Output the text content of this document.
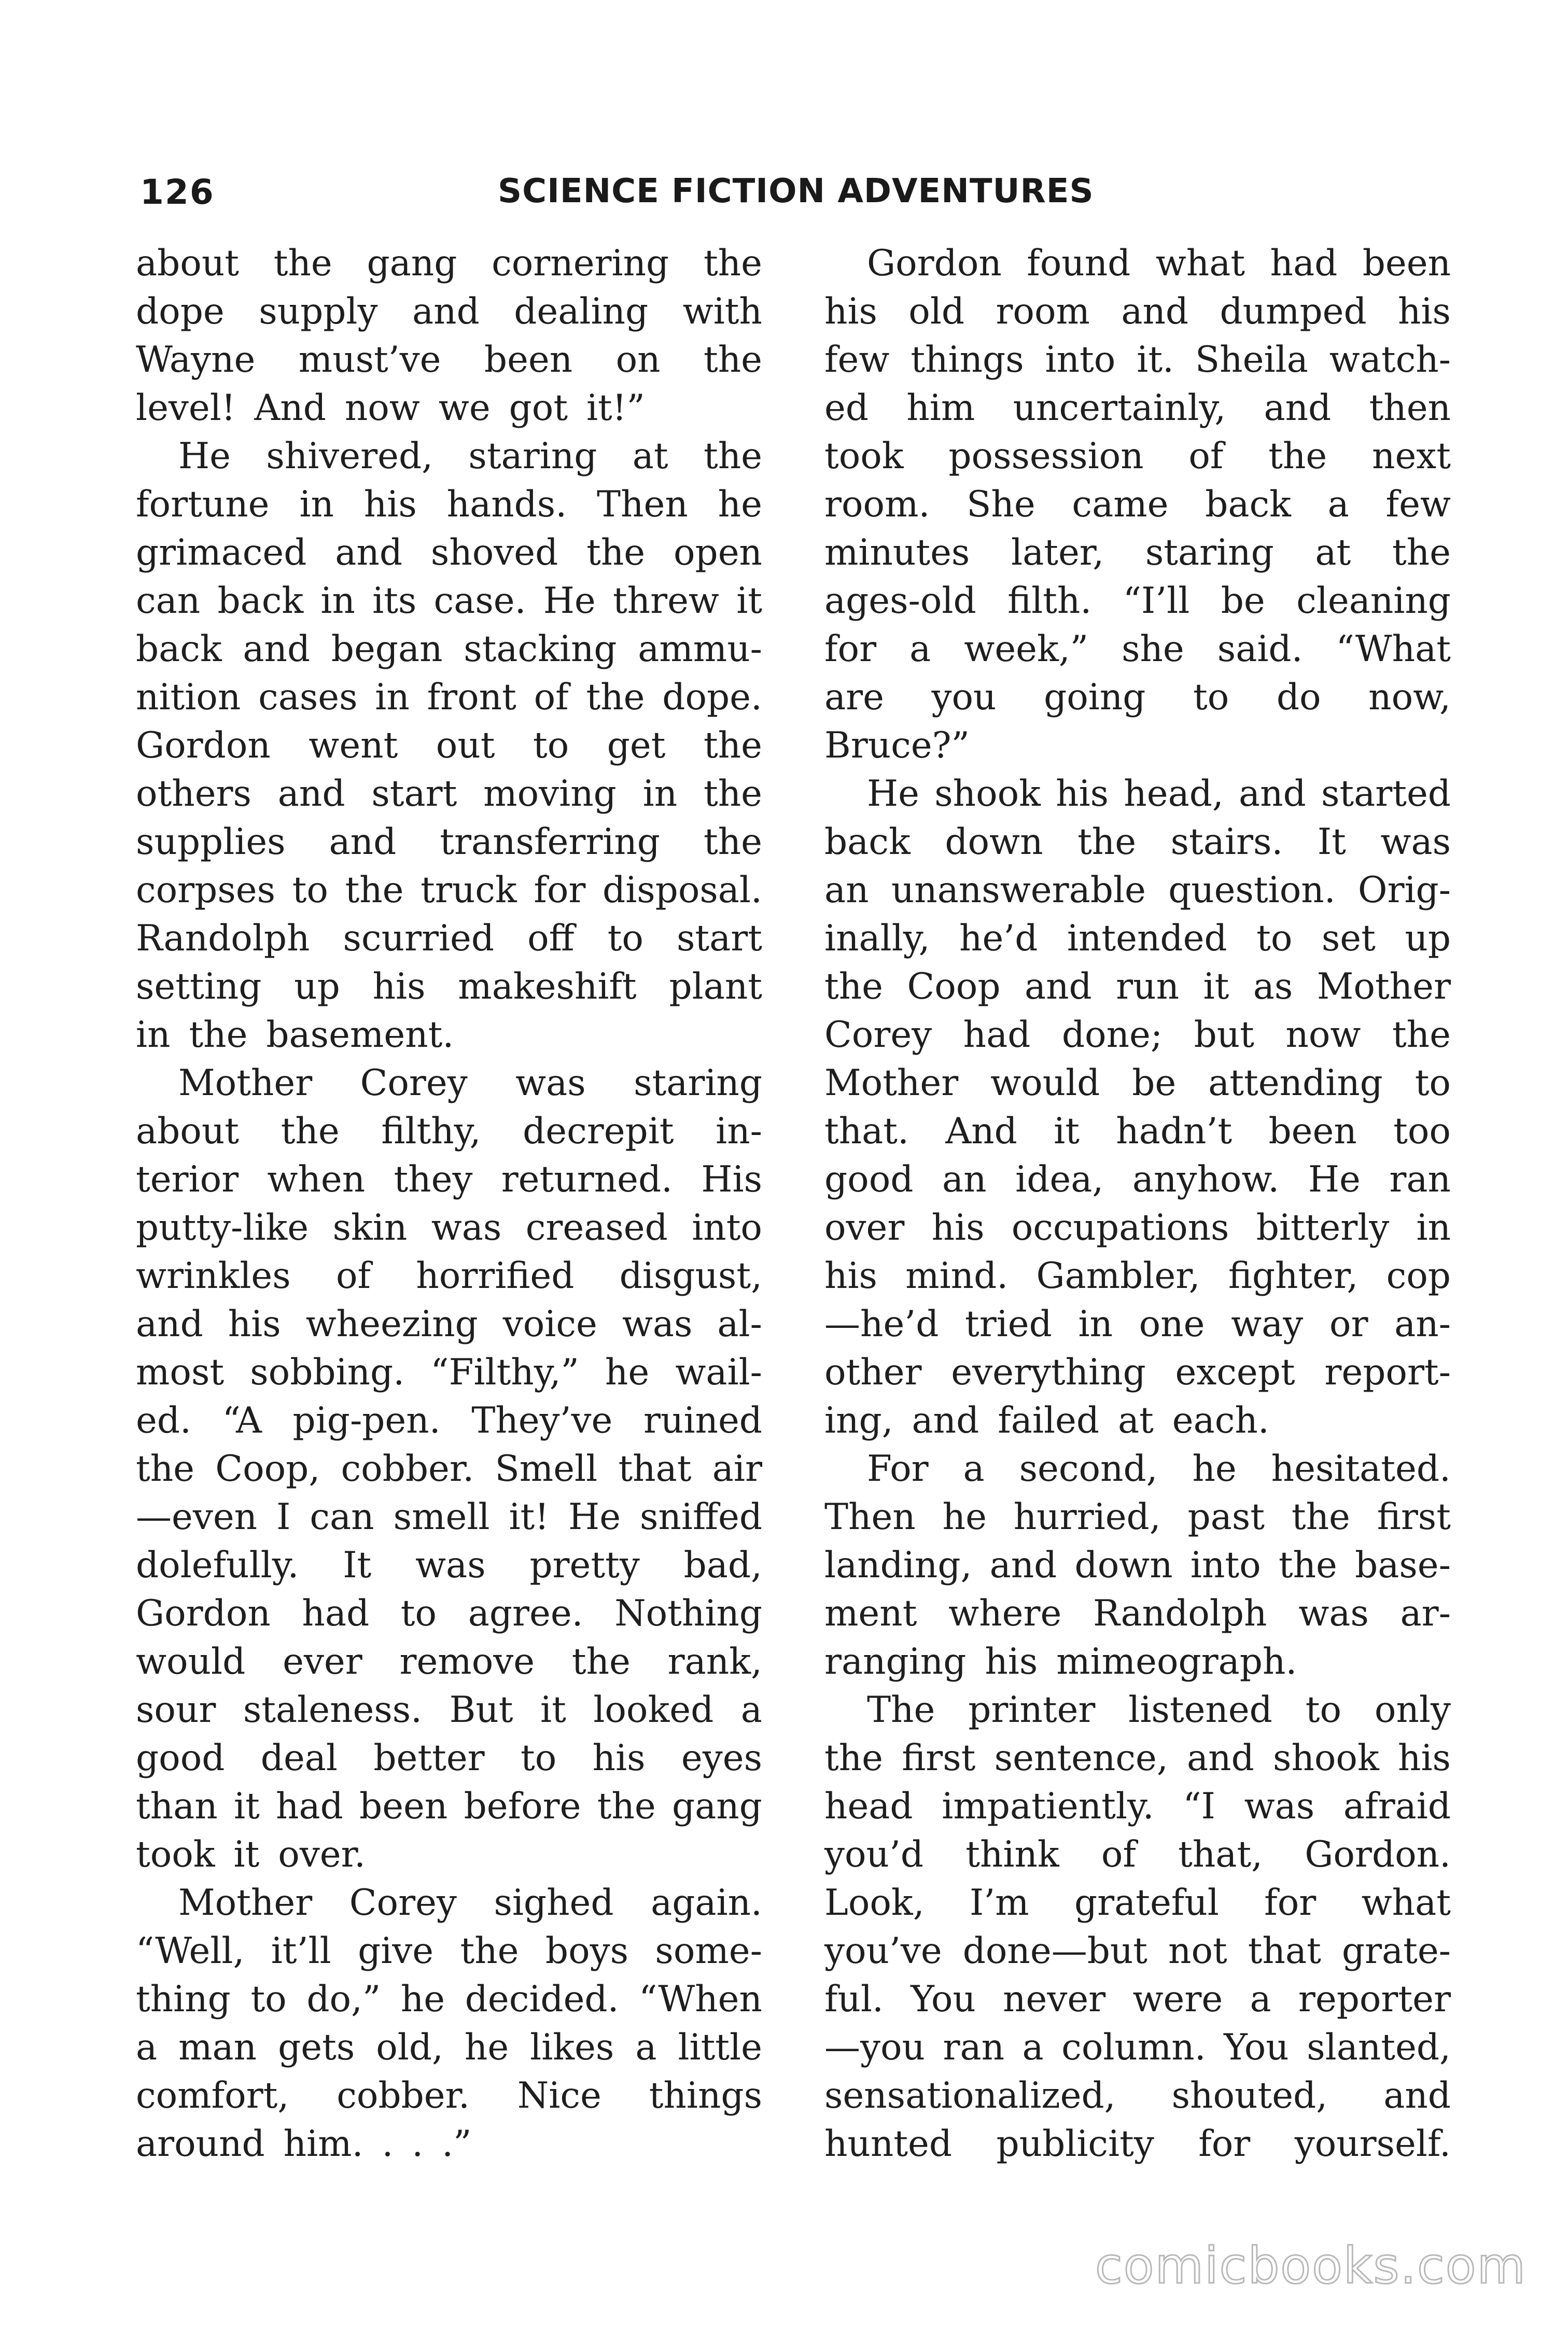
126	SCIENCE FICTION ADVENTURES
about the gang cornering the
dope supply and dealing with
Wayne must’ve been on the
level! And now we got it!”
He shivered, staring at the
fortune in his hands. Then he
grimaced and shoved the open
can back in its case. He threw it
back and began stacking ammu-
nition cases in front of the dope.
Gordon went out to get the
others and start moving in the
supplies and transferring the
corpses to the truck for disposal.
Randolph scurried off to start
setting up his makeshift plant
in the basement.
Mother Corey was staring
about the filthy, decrepit in-
terior when they returned. His
putty-like skin was creased into
wrinkles of horrified disgust,
and his wheezing voice was al-
most sobbing. “Filthy,” he wail-
ed. “A pig-pen. They’ve ruined
the Coop, cobber. Smell that air
—even I can smell it! He sniffed
dolefully. It was pretty bad,
Gordon had to agree. Nothing
would ever remove the rank,
sour staleness. But it looked a
good deal better to his eyes
than it had been before the gang
took it over.
Mother Corey sighed again.
“Well, it’ll give the boys some-
thing to do,” he decided. “When
a man gets old, he likes a little
comfort, cobber. Nice things
around him. . . .”
Gordon found what had been
his old room and dumped his
few things into it. Sheila watch-
ed him uncertainly, and then
took possession of the next
room. She came back a few
minutes later, staring at the
ages-old filth. “I’ll be cleaning
for a week,” she said. “What
are you going to do now,
Bruce?”
He shook his head, and started
back down the stairs. It was
an unanswerable question. Orig-
inally, he’d intended to set up
the Coop and run it as Mother
Corey had done; but now the
Mother would be attending to
that. And it hadn’t been too
good an idea, anyhow. He ran
over his occupations bitterly in
his mind. Gambler, fighter, cop
—he’d tried in one way or an-
other everything except report-
ing, and failed at each.
For a second, he hesitated.
Then he hurried, past the first
landing, and down into the base-
ment where Randolph was ar-
ranging his mimeograph.
The printer listened to only
the first sentence, and shook his
head impatiently. “I was afraid
you’d think of that, Gordon.
Look, I’m grateful for what
you’ve done—but not that grate-
ful. You never were a reporter
—you ran a column. You slanted,
sensationalized, shouted, and
hunted publicity for yourself.
comicbooks.com
